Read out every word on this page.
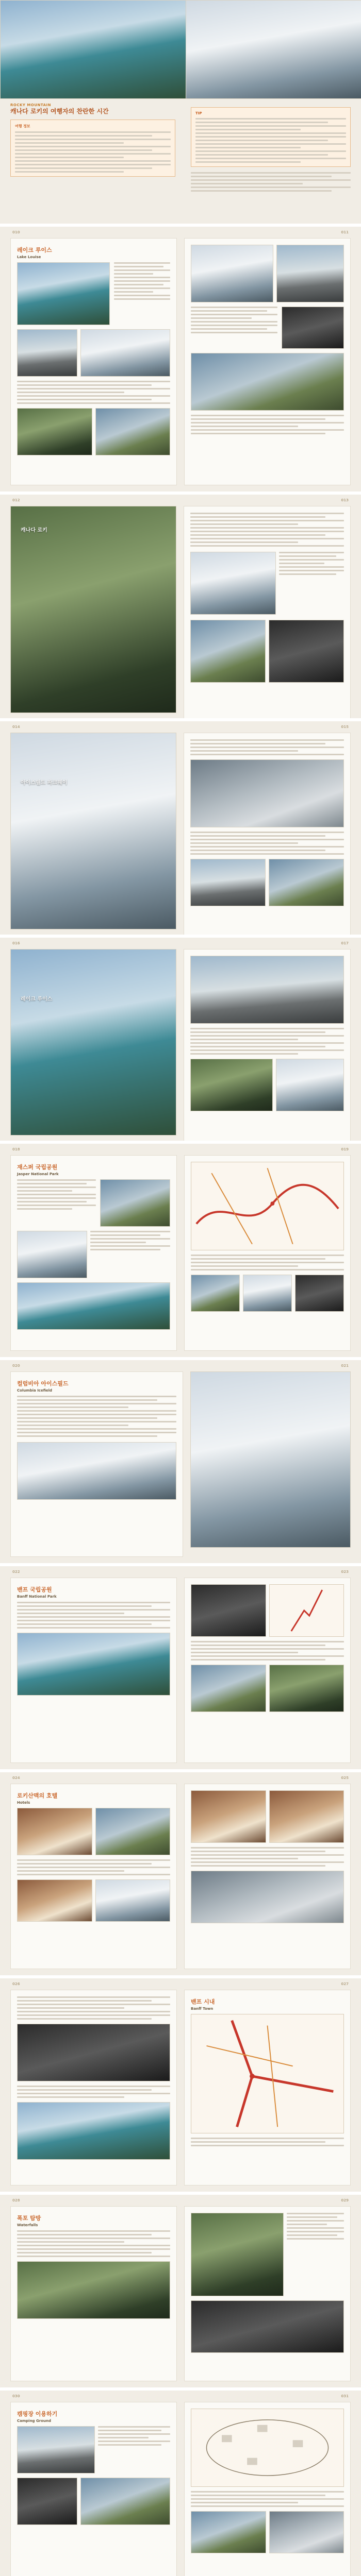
ROCKY MOUNTAIN
캐나다 로키의 여행자의 찬란한 시간
여행 정보
TIP
010	011
레이크 루이스
Lake Louise
012	013
캐나다 로키
014	015
아이스필드 파크웨이
016	017
레이크 루이스
018	019
재스퍼 국립공원
Jasper National Park
020	021
컬럼비아 아이스필드
Columbia Icefield
022	023
밴프 국립공원
Banff National Park
024	025
로키산맥의 호텔
Hotels
026	027
밴프 시내
Banff Town
028	029
폭포 탐방
Waterfalls
030	031
캠핑장 이용하기
Camping Ground
